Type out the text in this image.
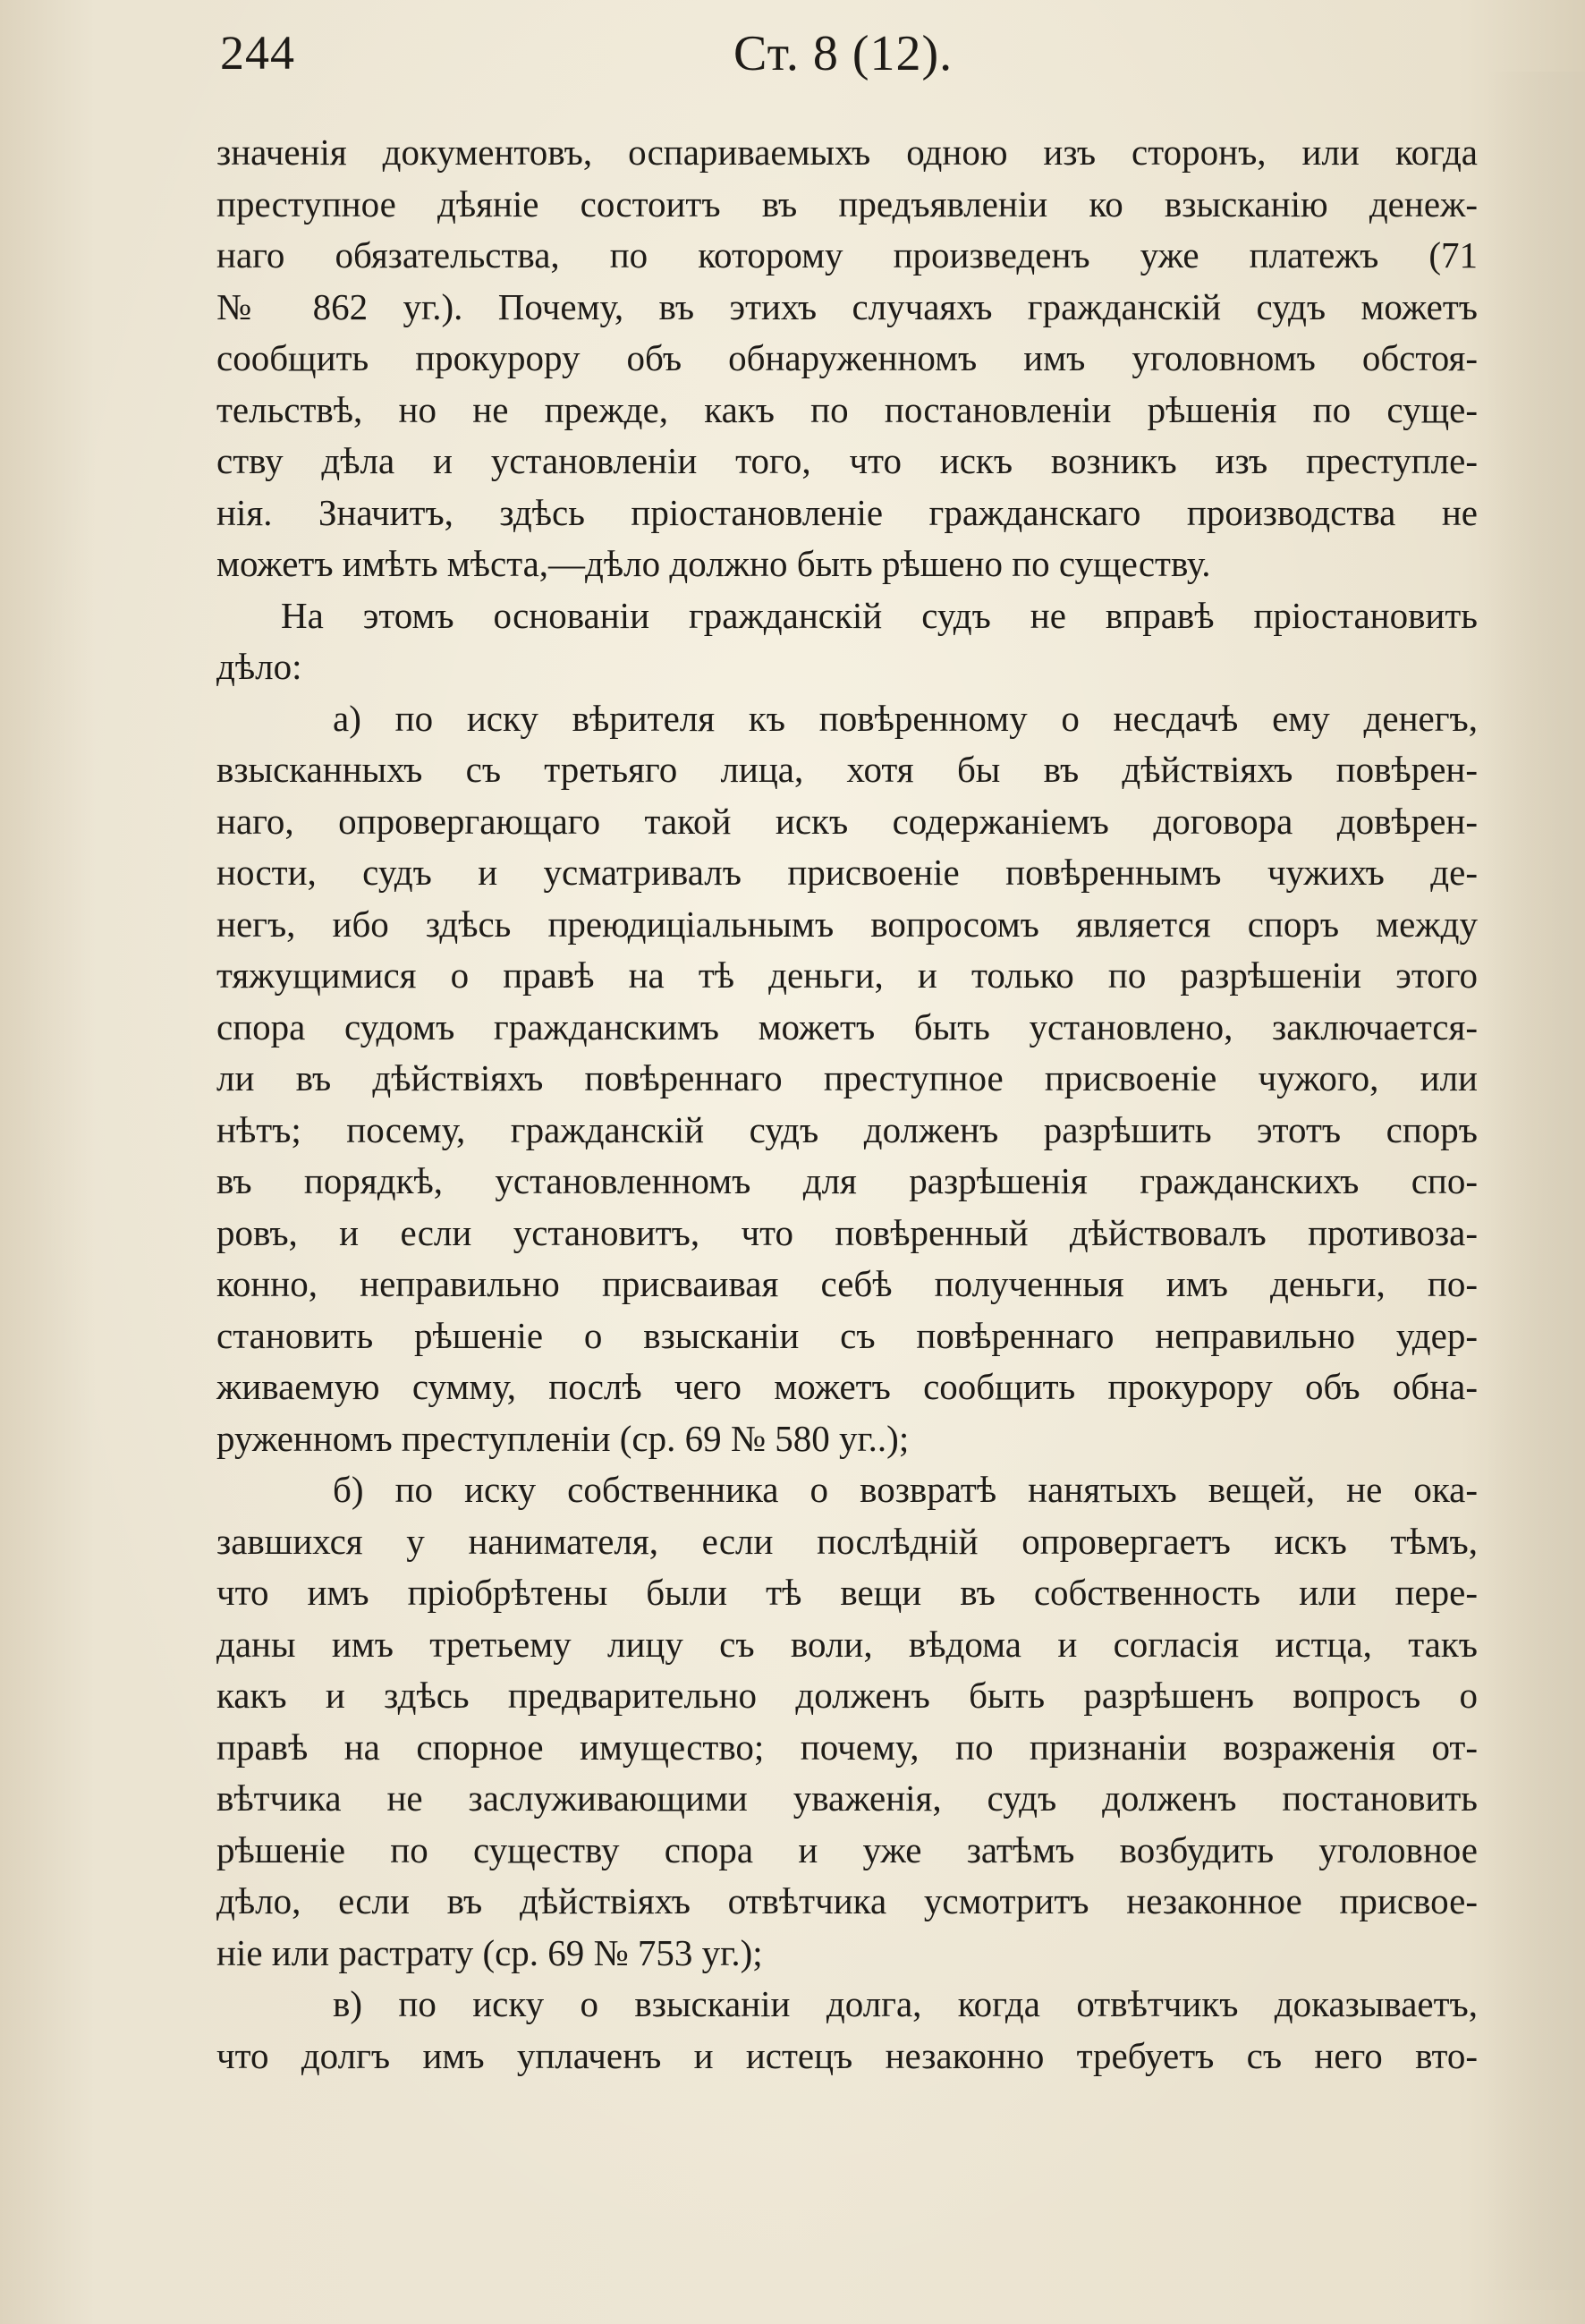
244	Ст. 8 (12).
значенія документовъ, оспариваемыхъ одною изъ сторонъ, или когда
преступное дѣяніе состоитъ въ предъявленіи ко взысканію денеж-
наго обязательства, по которому произведенъ уже платежъ (71
№ 862 уг.). Почему, въ этихъ случаяхъ гражданскій судъ можетъ
сообщить прокурору объ обнаруженномъ имъ уголовномъ обстоя-
тельствѣ, но не прежде, какъ по постановленіи рѣшенія по суще-
ству дѣла и установленіи того, что искъ возникъ изъ преступле-
нія. Значитъ, здѣсь пріостановленіе гражданскаго производства не
можетъ имѣть мѣста,—дѣло должно быть рѣшено по существу.
На этомъ основаніи гражданскій судъ не вправѣ пріостановить
дѣло:
а) по иску вѣрителя къ повѣренному о несдачѣ ему денегъ,
взысканныхъ съ третьяго лица, хотя бы въ дѣйствіяхъ повѣрен-
наго, опровергающаго такой искъ содержаніемъ договора довѣрен-
ности, судъ и усматривалъ присвоеніе повѣреннымъ чужихъ де-
негъ, ибо здѣсь преюдиціальнымъ вопросомъ является споръ между
тяжущимися о правѣ на тѣ деньги, и только по разрѣшеніи этого
спора судомъ гражданскимъ можетъ быть установлено, заключается-
ли въ дѣйствіяхъ повѣреннаго преступное присвоеніе чужого, или
нѣтъ; посему, гражданскій судъ долженъ разрѣшить этотъ споръ
въ порядкѣ, установленномъ для разрѣшенія гражданскихъ спо-
ровъ, и если установитъ, что повѣренный дѣйствовалъ противоза-
конно, неправильно присваивая себѣ полученныя имъ деньги, по-
становить рѣшеніе о взысканіи съ повѣреннаго неправильно удер-
живаемую сумму, послѣ чего можетъ сообщить прокурору объ обна-
руженномъ преступленіи (ср. 69 № 580 уг..);
б) по иску собственника о возвратѣ нанятыхъ вещей, не ока-
завшихся у нанимателя, если послѣдній опровергаетъ искъ тѣмъ,
что имъ пріобрѣтены были тѣ вещи въ собственность или пере-
даны имъ третьему лицу съ воли, вѣдома и согласія истца, такъ
какъ и здѣсь предварительно долженъ быть разрѣшенъ вопросъ о
правѣ на спорное имущество; почему, по признаніи возраженія от-
вѣтчика не заслуживающими уваженія, судъ долженъ постановить
рѣшеніе по существу спора и уже затѣмъ возбудить уголовное
дѣло, если въ дѣйствіяхъ отвѣтчика усмотритъ незаконное присвое-
ніе или растрату (ср. 69 № 753 уг.);
в) по иску о взысканіи долга, когда отвѣтчикъ доказываетъ,
что долгъ имъ уплаченъ и истецъ незаконно требуетъ съ него вто-
